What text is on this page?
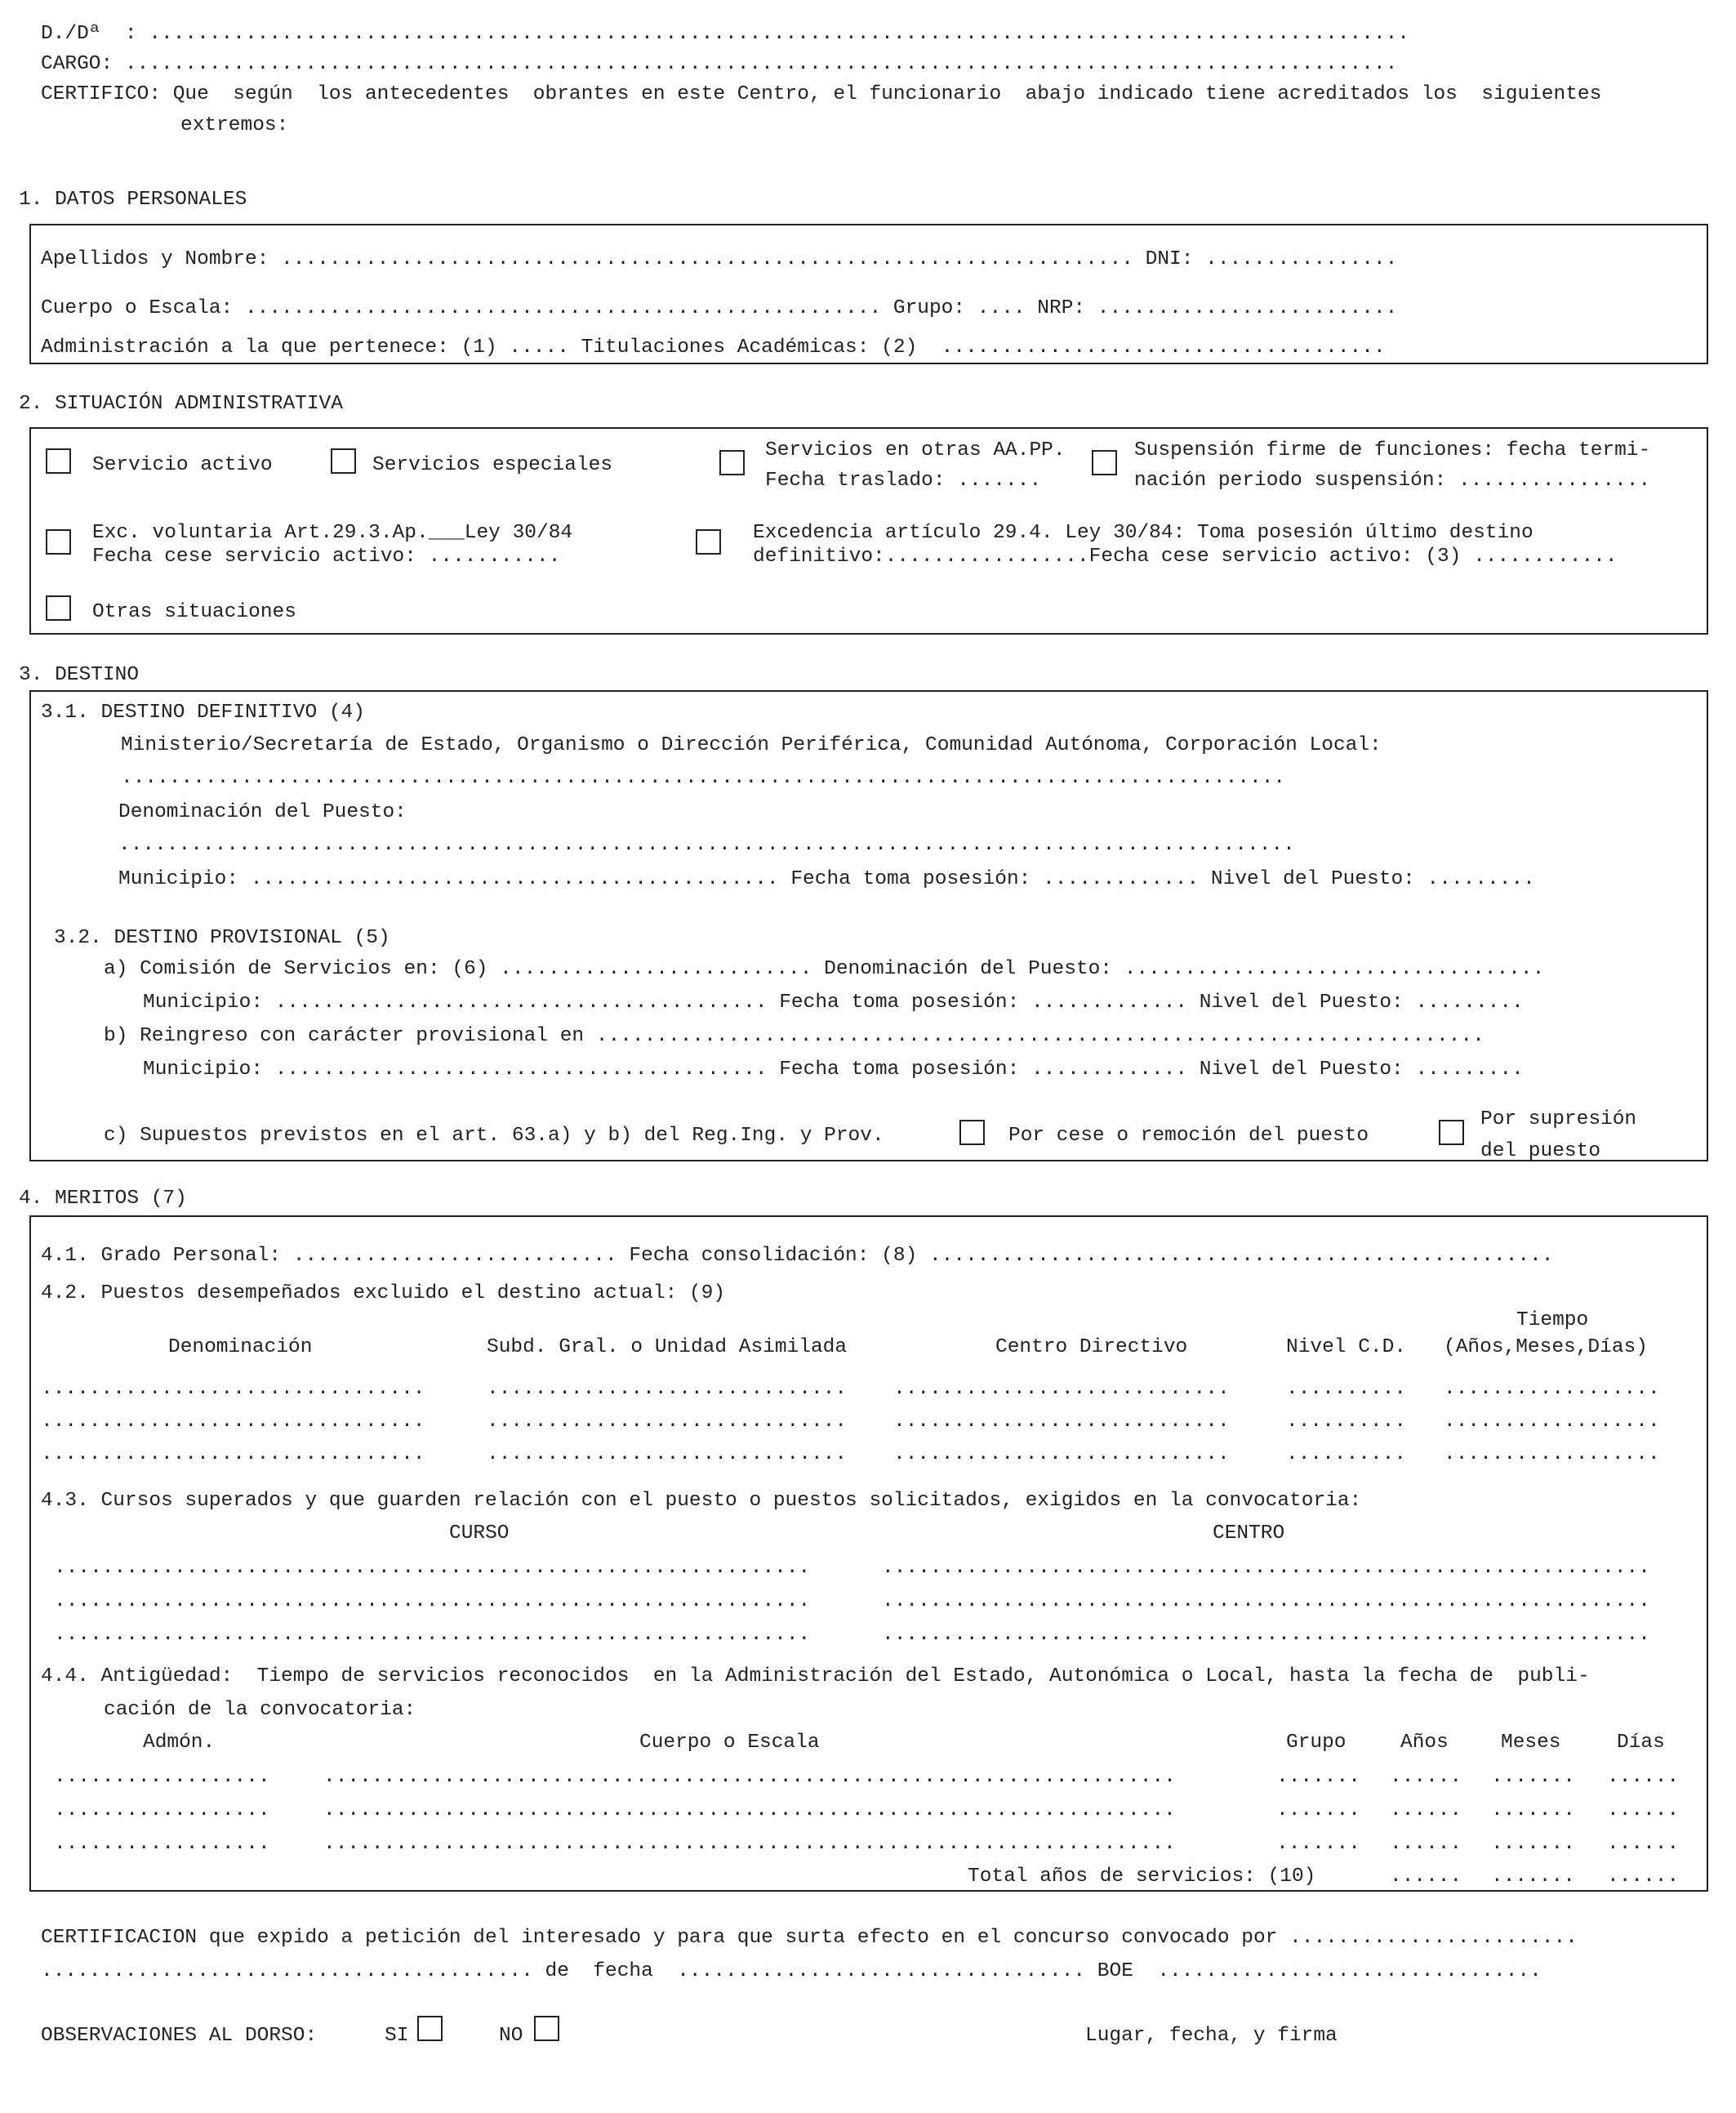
D./Dª  : .........................................................................................................
CARGO: ..........................................................................................................
CERTIFICO: Que  según  los antecedentes  obrantes en este Centro, el funcionario  abajo indicado tiene acreditados los  siguientes
extremos:
1. DATOS PERSONALES
Apellidos y Nombre: ....................................................................... DNI: ................
Cuerpo o Escala: ..................................................... Grupo: .... NRP: .........................
Administración a la que pertenece: (1) ..... Titulaciones Académicas: (2)  .....................................
2. SITUACIÓN ADMINISTRATIVA
Servicio activo	Servicios especiales
Servicios en otras AA.PP.
Fecha traslado: .......
Suspensión firme de funciones: fecha termi-
nación periodo suspensión: ................
Exc. voluntaria Art.29.3.Ap.___Ley 30/84
Fecha cese servicio activo: ...........
Excedencia artículo 29.4. Ley 30/84: Toma posesión último destino
definitivo:.................Fecha cese servicio activo: (3) ............
Otras situaciones
3. DESTINO
3.1. DESTINO DEFINITIVO (4)
Ministerio/Secretaría de Estado, Organismo o Dirección Periférica, Comunidad Autónoma, Corporación Local:
.................................................................................................
Denominación del Puesto:
..................................................................................................
Municipio: ............................................ Fecha toma posesión: ............. Nivel del Puesto: .........
3.2. DESTINO PROVISIONAL (5)
a) Comisión de Servicios en: (6) .......................... Denominación del Puesto: ...................................
Municipio: ......................................... Fecha toma posesión: ............. Nivel del Puesto: .........
b) Reingreso con carácter provisional en ..........................................................................
Municipio: ......................................... Fecha toma posesión: ............. Nivel del Puesto: .........
c) Supuestos previstos en el art. 63.a) y b) del Reg.Ing. y Prov.	Por cese o remoción del puesto
Por supresión
del puesto
4. MERITOS (7)
4.1. Grado Personal: ........................... Fecha consolidación: (8) ....................................................
4.2. Puestos desempeñados excluido el destino actual: (9)
Tiempo
Denominación	Subd. Gral. o Unidad Asimilada	Centro Directivo	Nivel C.D. (Años,Meses,Días)
................................	.............................. ............................	.......... ..................
................................	.............................. ............................	.......... ..................
................................	.............................. ............................	.......... ..................
4.3. Cursos superados y que guarden relación con el puesto o puestos solicitados, exigidos en la convocatoria:
CURSO	CENTRO
...............................................................	................................................................
...............................................................	................................................................
...............................................................	................................................................
4.4. Antigüedad:  Tiempo de servicios reconocidos  en la Administración del Estado, Autonómica o Local, hasta la fecha de  publi-
cación de la convocatoria:
Admón.	Cuerpo o Escala	Grupo	Años	Meses	Días
..................	.......................................................................	....... ...... ....... ......
..................	.......................................................................	....... ...... ....... ......
..................	.......................................................................	....... ...... ....... ......
Total años de servicios: (10)	...... ....... ......
CERTIFICACION que expido a petición del interesado y para que surta efecto en el concurso convocado por ........................
......................................... de  fecha  .................................. BOE  ................................
OBSERVACIONES AL DORSO:	SI	NO	Lugar, fecha, y firma
